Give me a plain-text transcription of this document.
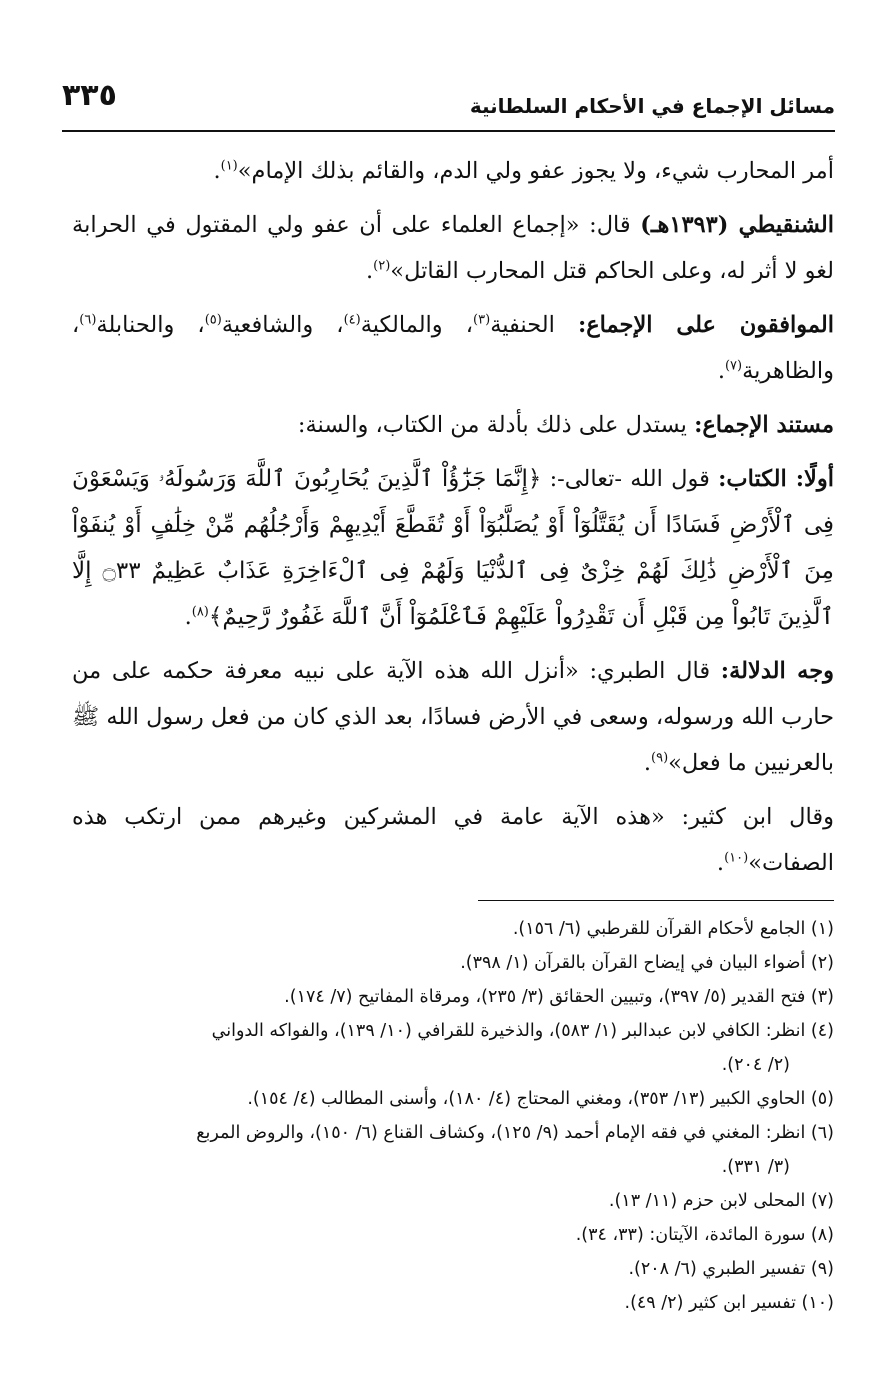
٣٣٥	مسائل الإجماع في الأحكام السلطانية

أمر المحارب شيء، ولا يجوز عفو ولي الدم، والقائم بذلك الإمام»$^{(١)}$.

الشنقيطي (١٣٩٣هـ) قال: «إجماع العلماء على أن عفو ولي المقتول في الحرابة لغو لا أثر له، وعلى الحاكم قتل المحارب القاتل»$^{(٢)}$.

الموافقون على الإجماع: الحنفية$^{(٣)}$، والمالكية$^{(٤)}$، والشافعية$^{(٥)}$، والحنابلة$^{(٦)}$، والظاهرية$^{(٧)}$.

مستند الإجماع: يستدل على ذلك بأدلة من الكتاب، والسنة:

أولًا: الكتاب: قول الله -تعالى-: ﴿إِنَّمَا جَزَٰٓؤُاْ ٱلَّذِينَ يُحَارِبُونَ ٱللَّهَ وَرَسُولَهُۥ وَيَسْعَوْنَ فِى ٱلْأَرْضِ فَسَادًا أَن يُقَتَّلُوٓاْ أَوْ يُصَلَّبُوٓاْ أَوْ تُقَطَّعَ أَيْدِيهِمْ وَأَرْجُلُهُم مِّنْ خِلَٰفٍ أَوْ يُنفَوْاْ مِنَ ٱلْأَرْضِ ذَٰلِكَ لَهُمْ خِزْىٌ فِى ٱلدُّنْيَا وَلَهُمْ فِى ٱلْءَاخِرَةِ عَذَابٌ عَظِيمٌ ۝٣٣ إِلَّا ٱلَّذِينَ تَابُواْ مِن قَبْلِ أَن تَقْدِرُواْ عَلَيْهِمْ فَٱعْلَمُوٓاْ أَنَّ ٱللَّهَ غَفُورٌ رَّحِيمٌ﴾$^{(٨)}$.

وجه الدلالة: قال الطبري: «أنزل الله هذه الآية على نبيه معرفة حكمه على من حارب الله ورسوله، وسعى في الأرض فسادًا، بعد الذي كان من فعل رسول الله ﷺ بالعرنيين ما فعل»$^{(٩)}$.

وقال ابن كثير: «هذه الآية عامة في المشركين وغيرهم ممن ارتكب هذه الصفات»$^{(١٠)}$.

(١) الجامع لأحكام القرآن للقرطبي (٦/ ١٥٦).

(٢) أضواء البيان في إيضاح القرآن بالقرآن (١/ ٣٩٨).

(٣) فتح القدير (٥/ ٣٩٧)، وتبيين الحقائق (٣/ ٢٣٥)، ومرقاة المفاتيح (٧/ ١٧٤).

(٤) انظر: الكافي لابن عبدالبر (١/ ٥٨٣)، والذخيرة للقرافي (١٠/ ١٣٩)، والفواكه الدواني

(٢/ ٢٠٤).

(٥) الحاوي الكبير (١٣/ ٣٥٣)، ومغني المحتاج (٤/ ١٨٠)، وأسنى المطالب (٤/ ١٥٤).

(٦) انظر: المغني في فقه الإمام أحمد (٩/ ١٢٥)، وكشاف القناع (٦/ ١٥٠)، والروض المربع

(٣/ ٣٣١).

(٧) المحلى لابن حزم (١١/ ١٣).

(٨) سورة المائدة، الآيتان: (٣٣، ٣٤).

(٩) تفسير الطبري (٦/ ٢٠٨).

(١٠) تفسير ابن كثير (٢/ ٤٩).
